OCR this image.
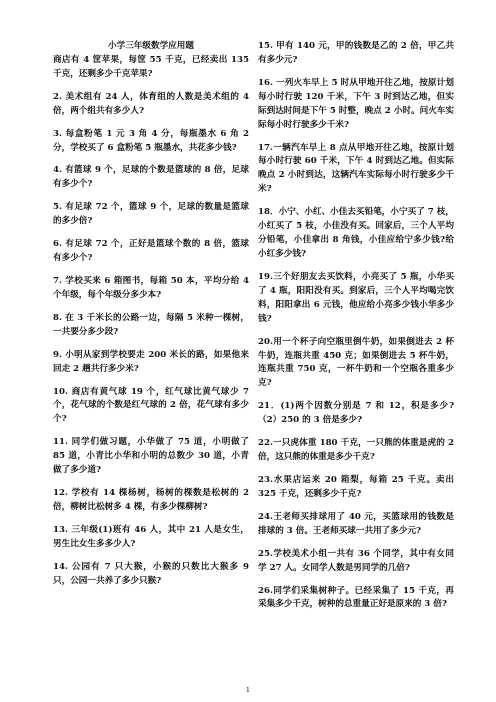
小学三年级数学应用题

商店有 4 筐苹果，每筐 55 千克，已经卖出 135 千克，还剩多少千克苹果?

2. 美术组有 24 人，体育组的人数是美术组的 4 倍，两个组共有多少人?

3. 每盒粉笔 1 元 3 角 4 分，每瓶墨水 6 角 2 分，学校买了 6 盒粉笔 5 瓶墨水，共花多少钱?

4. 有篮球 9 个，足球的个数是篮球的 8 倍，足球有多少个?

5. 有足球 72 个，篮球 9 个，足球的数量是篮球的多少倍?

6. 有足球 72 个，正好是篮球个数的 8 倍，篮球有多少个?

7. 学校买来 6 箱图书，每箱 50 本，平均分给 4 个年级，每个年级分多少本?

8. 在 3 千米长的公路一边，每隔 5 米种一棵树，一共要分多少段?

9. 小明从家到学校要走 200 米长的路，如果他来回走 2 趟共行多少米?

10. 商店有黄气球 19 个，红气球比黄气球少 7 个，花气球的个数是红气球的 2 倍，花气球有多少个?

11. 同学们做习题，小华做了 75 道，小明做了 85 道，小青比小华和小明的总数少 30 道，小青做了多少道?

12. 学校有 14 棵杨树，杨树的棵数是松树的 2 倍，柳树比松树多 4 棵，有多少棵柳树?

13. 三年级(1)班有 46 人，其中 21 人是女生，男生比女生多多少人?

14. 公园有 7 只大猴，小猴的只数比大猴多 9 只，公园一共养了多少只猴?

15. 甲有 140 元，甲的钱数是乙的 2 倍，甲乙共有多少元?

16. 一列火车早上 5 时从甲地开往乙地，按原计划每小时行驶 120 千米，下午 3 时到达乙地，但实际到达时间是下午 5 时整，晚点 2 小时。问火车实际每小时行驶多少千米?

17.一辆汽车早上 8 点从甲地开往乙地，按原计划每小时行驶 60 千米，下午 4 时到达乙地。但实际晚点 2 小时到达，这辆汽车实际每小时行驶多少千米?

18．小宁、小红、小佳去买铅笔，小宁买了 7 枝，小红买了 5 枝，小佳没有买。回家后，三个人平均分铅笔，小佳拿出 8 角钱，小佳应给宁多少钱?给小红多少钱?

19.三个好朋友去买饮料，小亮买了 5 瓶，小华买了 4 瓶，阳阳没有买。到家后，三个人平均喝完饮料，阳阳拿出 6 元钱，他应给小亮多少钱小华多少钱?

20.用一个杯子向空瓶里倒牛奶，如果倒进去 2 杯牛奶，连瓶共重 450 克；如果倒进去 5 杯牛奶，连瓶共重 750 克，一杯牛奶和一个空瓶各重多少克?

21．(1)两个因数分别是 7 和 12，积是多少?（2）250 的 3 倍是多少?

22.一只虎体重 180 千克，一只熊的体重是虎的 2 倍，这只熊的体重是多少千克?

23.水果店运来 20 箱梨，每箱 25 千克。卖出 325 千克，还剩多少千克?

24.王老师买排球用了 40 元，买篮球用的钱数是排球的 3 倍。王老师买球一共用了多少元?

25.学校美术小组一共有 36 个同学，其中有女同学 27 人。女同学人数是男同学的几倍?

26.同学们采集树种子。已经采集了 15 千克，再采集多少千克，树种的总重量正好是原来的 3 倍?

1
